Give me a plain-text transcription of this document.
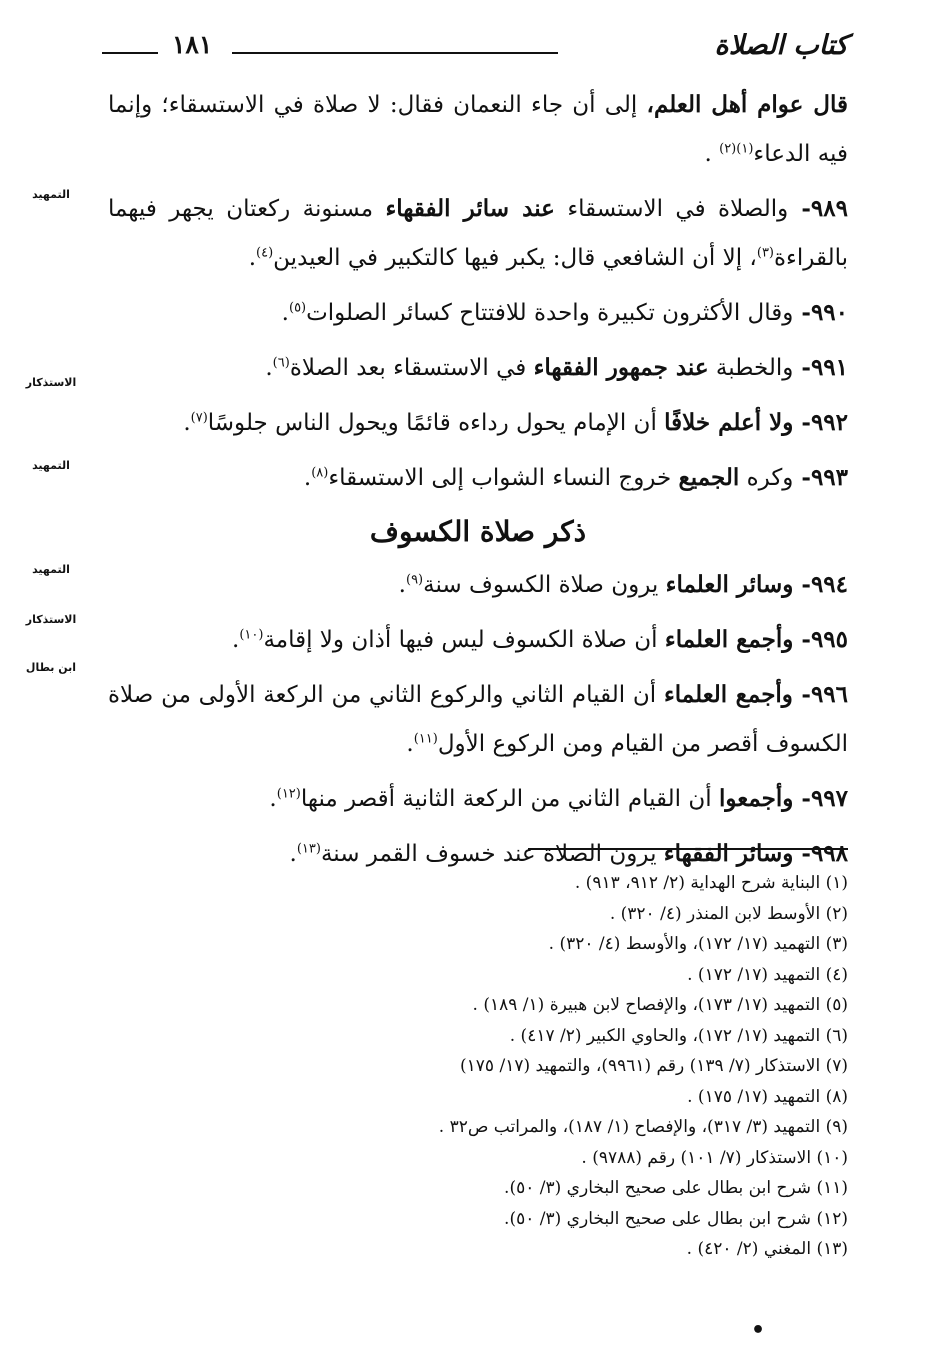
كتاب الصلاة
١٨١
قال عوام أهل العلم، إلى أن جاء النعمان فقال: لا صلاة في الاستسقاء؛ وإنما فيه الدعاء$^{(١)(٢)}$ .
٩٨٩- والصلاة في الاستسقاء عند سائر الفقهاء مسنونة ركعتان يجهر فيهما بالقراءة$^{(٣)}$، إلا أن الشافعي قال: يكبر فيها كالتكبير في العيدين$^{(٤)}$.
٩٩٠- وقال الأكثرون تكبيرة واحدة للافتتاح كسائر الصلوات$^{(٥)}$.
٩٩١- والخطبة عند جمهور الفقهاء في الاستسقاء بعد الصلاة$^{(٦)}$.
٩٩٢- ولا أعلم خلافًا أن الإمام يحول رداءه قائمًا ويحول الناس جلوسًا$^{(٧)}$.
٩٩٣- وكره الجميع خروج النساء الشواب إلى الاستسقاء$^{(٨)}$.
ذكر صلاة الكسوف
٩٩٤- وسائر العلماء يرون صلاة الكسوف سنة$^{(٩)}$.
٩٩٥- وأجمع العلماء أن صلاة الكسوف ليس فيها أذان ولا إقامة$^{(١٠)}$.
٩٩٦- وأجمع العلماء أن القيام الثاني والركوع الثاني من الركعة الأولى من صلاة الكسوف أقصر من القيام ومن الركوع الأول$^{(١١)}$.
٩٩٧- وأجمعوا أن القيام الثاني من الركعة الثانية أقصر منها$^{(١٢)}$.
٩٩٨- وسائر الفقهاء يرون الصلاة عند خسوف القمر سنة$^{(١٣)}$.
التمهيد
الاستذكار
التمهيد
التمهيد
الاستذكار
ابن بطال
(١) البناية شرح الهداية (٢/ ٩١٢، ٩١٣) .
(٢) الأوسط لابن المنذر (٤/ ٣٢٠) .
(٣) التهميد (١٧/ ١٧٢)، والأوسط (٤/ ٣٢٠) .
(٤) التمهيد (١٧/ ١٧٢) .
(٥) التمهيد (١٧/ ١٧٣)، والإفصاح لابن هبيرة (١/ ١٨٩) .
(٦) التمهيد (١٧/ ١٧٢)، والحاوي الكبير (٢/ ٤١٧) .
(٧) الاستذكار (٧/ ١٣٩) رقم (٩٩٦١)، والتمهيد (١٧/ ١٧٥)
(٨) التمهيد (١٧/ ١٧٥) .
(٩) التمهيد (٣/ ٣١٧)، والإفصاح (١/ ١٨٧)، والمراتب ص٣٢ .
(١٠) الاستذكار (٧/ ١٠١) رقم (٩٧٨٨) .
(١١) شرح ابن بطال على صحيح البخاري (٣/ ٥٠).
(١٢) شرح ابن بطال على صحيح البخاري (٣/ ٥٠).
(١٣) المغني (٢/ ٤٢٠) .
•
